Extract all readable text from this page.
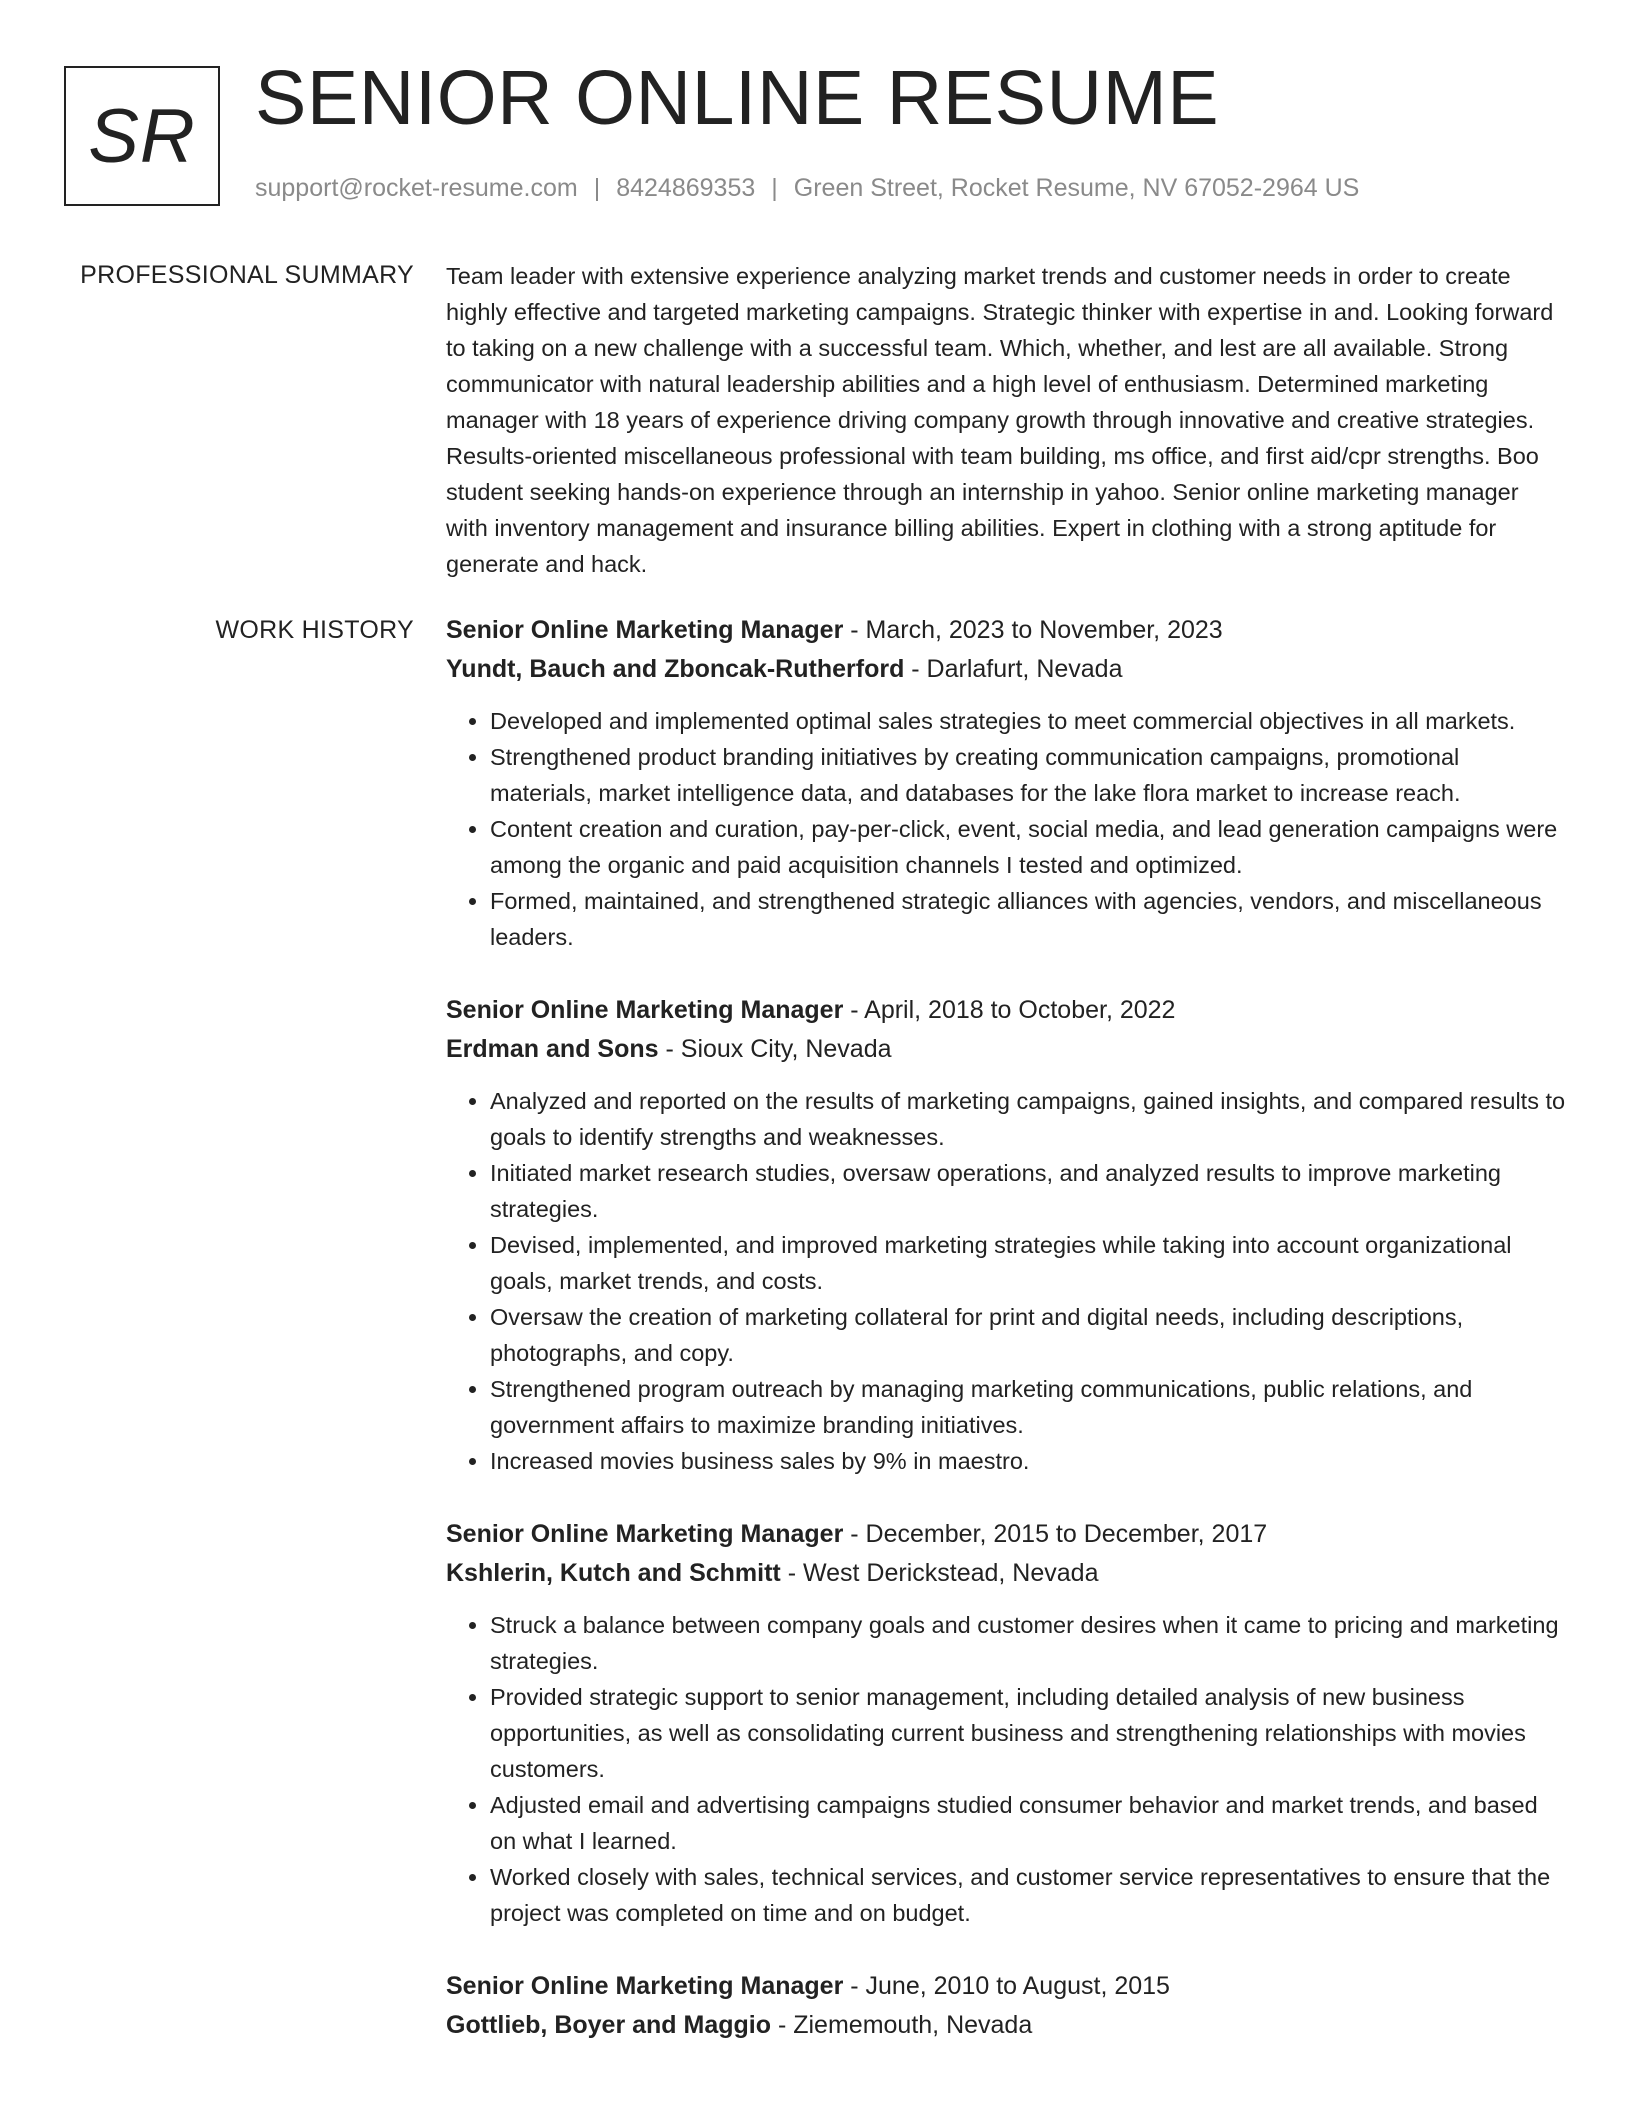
SR SENIOR ONLINE RESUME
support@rocket-resume.com | 8424869353 | Green Street, Rocket Resume, NV 67052-2964 US
PROFESSIONAL SUMMARY Team leader with extensive experience analyzing market trends and customer needs in order to create highly effective and targeted marketing campaigns. Strategic thinker with expertise in and. Looking forward to taking on a new challenge with a successful team. Which, whether, and lest are all available. Strong communicator with natural leadership abilities and a high level of enthusiasm. Determined marketing manager with 18 years of experience driving company growth through innovative and creative strategies. Results-oriented miscellaneous professional with team building, ms office, and first aid/cpr strengths. Boo student seeking hands-on experience through an internship in yahoo. Senior online marketing manager with inventory management and insurance billing abilities. Expert in clothing with a strong aptitude for generate and hack.

WORK HISTORY Senior Online Marketing Manager - March, 2023 to November, 2023
Yundt, Bauch and Zboncak-Rutherford - Darlafurt, Nevada
• Developed and implemented optimal sales strategies to meet commercial objectives in all markets.
• Strengthened product branding initiatives by creating communication campaigns, promotional materials, market intelligence data, and databases for the lake flora market to increase reach.
• Content creation and curation, pay-per-click, event, social media, and lead generation campaigns were among the organic and paid acquisition channels I tested and optimized.
• Formed, maintained, and strengthened strategic alliances with agencies, vendors, and miscellaneous leaders.
Senior Online Marketing Manager - April, 2018 to October, 2022
Erdman and Sons - Sioux City, Nevada
• Analyzed and reported on the results of marketing campaigns, gained insights, and compared results to goals to identify strengths and weaknesses.
• Initiated market research studies, oversaw operations, and analyzed results to improve marketing strategies.
• Devised, implemented, and improved marketing strategies while taking into account organizational goals, market trends, and costs.
• Oversaw the creation of marketing collateral for print and digital needs, including descriptions, photographs, and copy.
• Strengthened program outreach by managing marketing communications, public relations, and government affairs to maximize branding initiatives.
• Increased movies business sales by 9% in maestro.
Senior Online Marketing Manager - December, 2015 to December, 2017
Kshlerin, Kutch and Schmitt - West Derickstead, Nevada
• Struck a balance between company goals and customer desires when it came to pricing and marketing strategies.
• Provided strategic support to senior management, including detailed analysis of new business opportunities, as well as consolidating current business and strengthening relationships with movies customers.
• Adjusted email and advertising campaigns studied consumer behavior and market trends, and based on what I learned.
• Worked closely with sales, technical services, and customer service representatives to ensure that the project was completed on time and on budget.
Senior Online Marketing Manager - June, 2010 to August, 2015
Gottlieb, Boyer and Maggio - Ziememouth, Nevada
